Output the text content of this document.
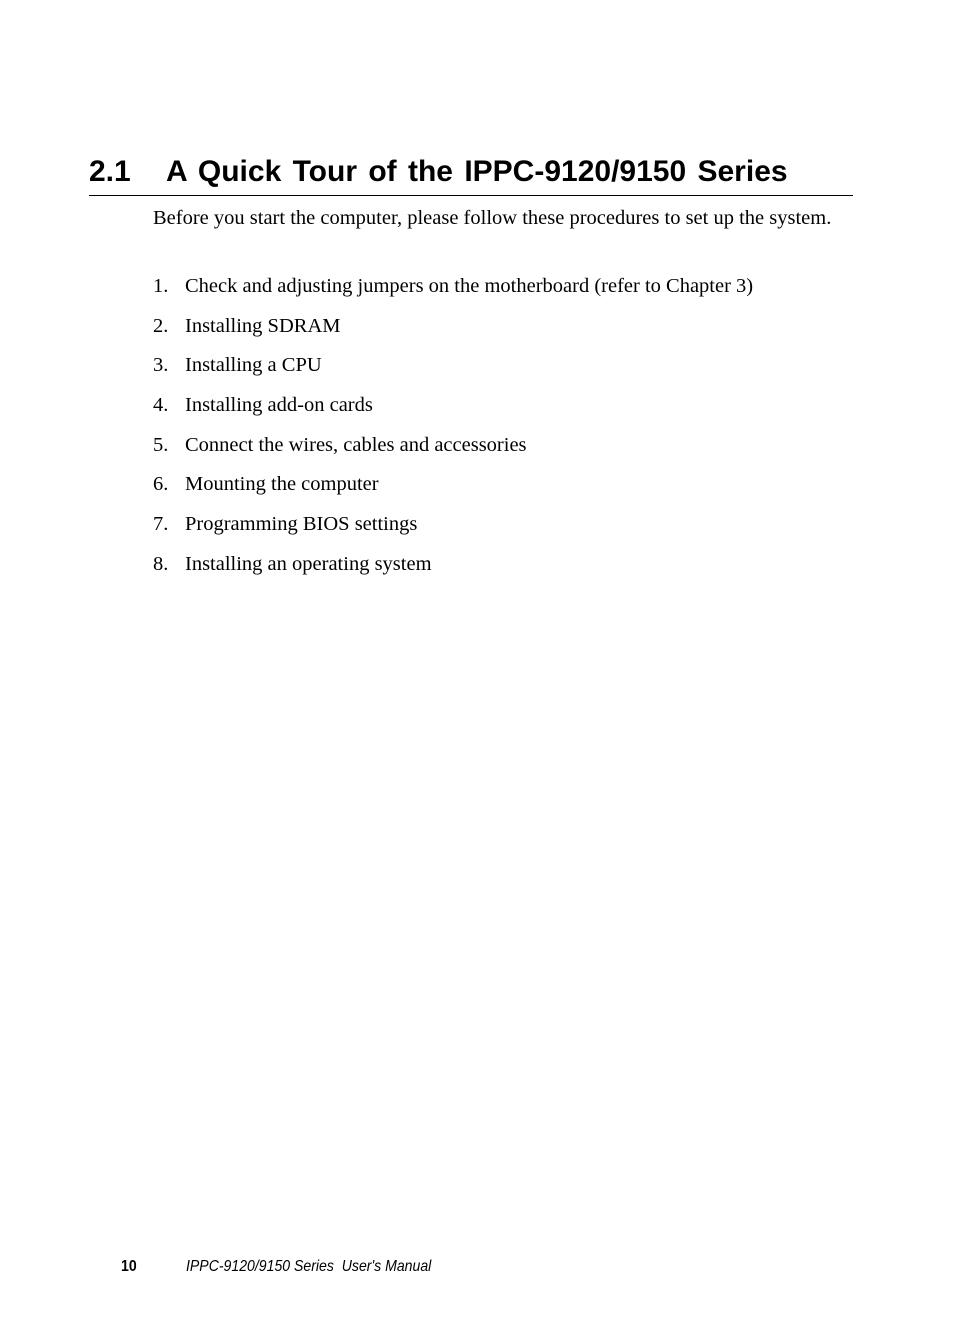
2.1 A Quick Tour of the IPPC-9120/9150 Series

Before you start the computer, please follow these procedures to set up the system.

1. Check and adjusting jumpers on the motherboard (refer to Chapter 3)
2. Installing SDRAM
3. Installing a CPU
4. Installing add-on cards
5. Connect the wires, cables and accessories
6. Mounting the computer
7. Programming BIOS settings
8. Installing an operating system
10	IPPC-9120/9150 Series  User's Manual
